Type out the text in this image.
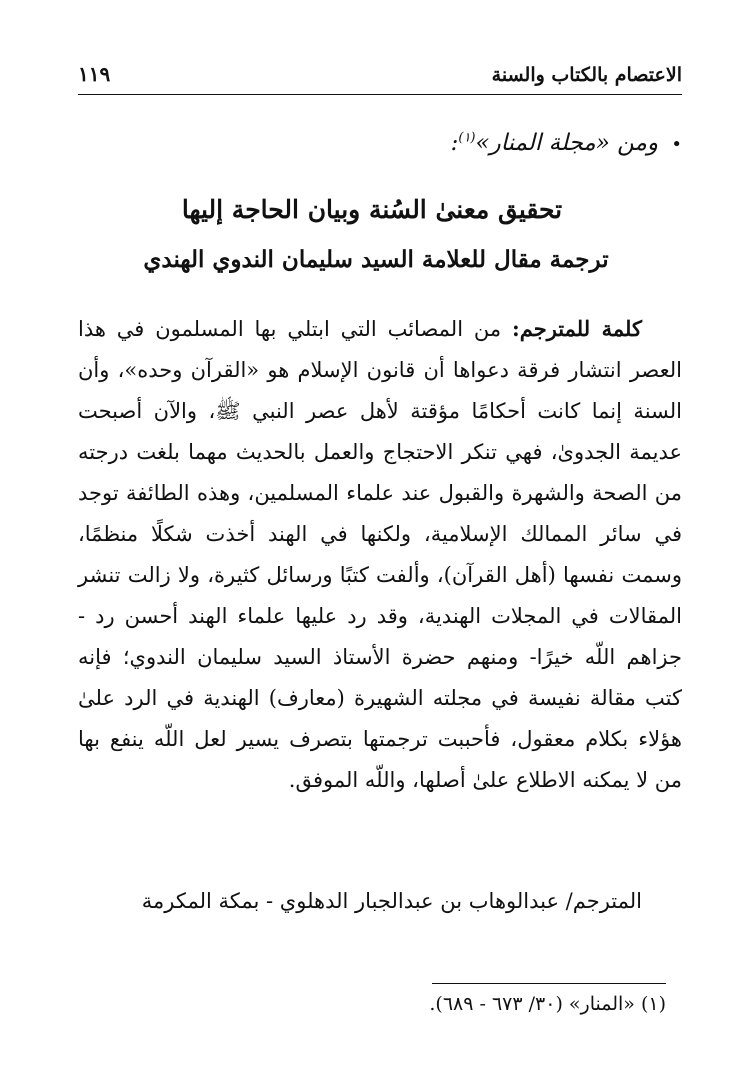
الاعتصام بالكتاب والسنة
١١٩
• ومن «مجلة المنار»$^{(١)}$:
تحقيق معنىٰ السُنة وبيان الحاجة إليها
ترجمة مقال للعلامة السيد سليمان الندوي الهندي
كلمة للمترجم: من المصائب التي ابتلي بها المسلمون في هذا العصر انتشار فرقة دعواها أن قانون الإسلام هو «القرآن وحده»، وأن السنة إنما كانت أحكامًا مؤقتة لأهل عصر النبي ﷺ، والآن أصبحت عديمة الجدوىٰ، فهي تنكر الاحتجاج والعمل بالحديث مهما بلغت درجته من الصحة والشهرة والقبول عند علماء المسلمين، وهذه الطائفة توجد في سائر الممالك الإسلامية، ولكنها في الهند أخذت شكلًا منظمًا، وسمت نفسها (أهل القرآن)، وألفت كتبًا ورسائل كثيرة، ولا زالت تنشر المقالات في المجلات الهندية، وقد رد عليها علماء الهند أحسن رد - جزاهم اللّه خيرًا- ومنهم حضرة الأستاذ السيد سليمان الندوي؛ فإنه كتب مقالة نفيسة في مجلته الشهيرة (معارف) الهندية في الرد علىٰ هؤلاء بكلام معقول، فأحببت ترجمتها بتصرف يسير لعل اللّه ينفع بها من لا يمكنه الاطلاع علىٰ أصلها، واللّه الموفق.
المترجم/ عبدالوهاب بن عبدالجبار الدهلوي - بمكة المكرمة
(١) «المنار» (٣٠/ ٦٧٣ - ٦٨٩).
